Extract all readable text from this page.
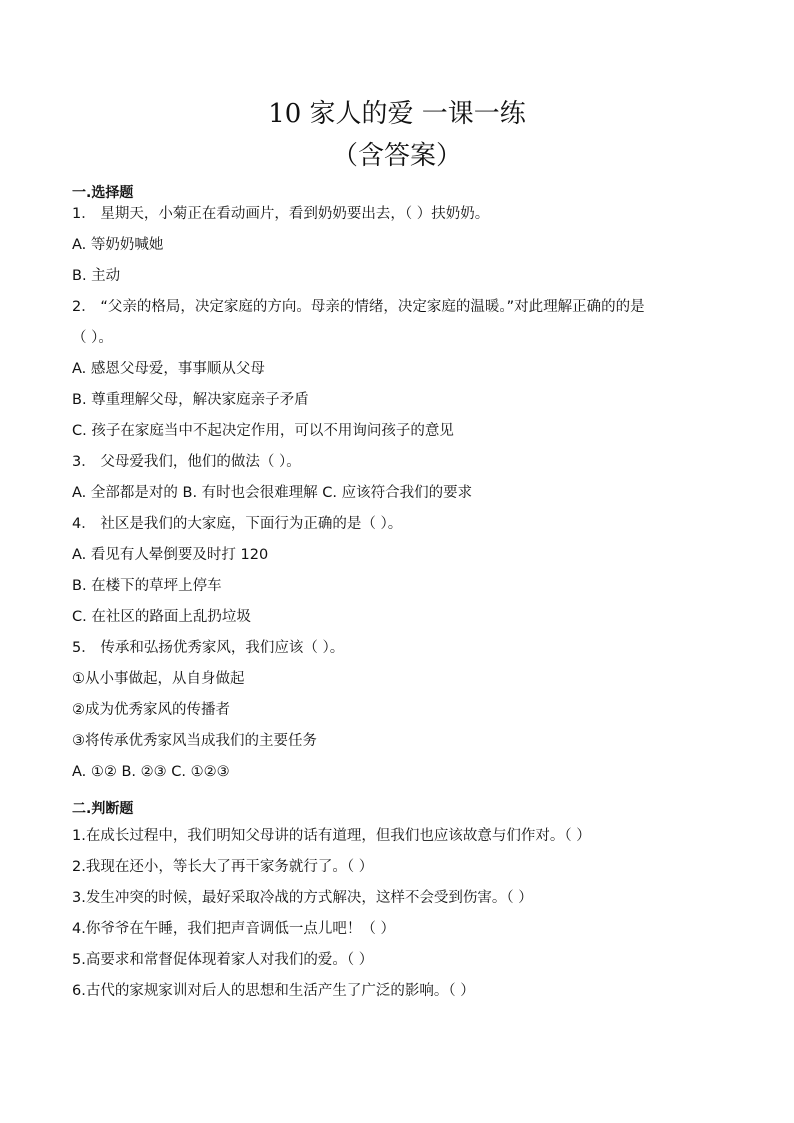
10 家人的爱 一课一练
（含答案）
一.选择题
1． 星期天，小菊正在看动画片，看到奶奶要出去，（ ）扶奶奶。
A. 等奶奶喊她
B. 主动
2． “父亲的格局，决定家庭的方向。母亲的情绪，决定家庭的温暖。”对此理解正确的的是
（ ）。
A. 感恩父母爱，事事顺从父母
B. 尊重理解父母，解决家庭亲子矛盾
C. 孩子在家庭当中不起决定作用，可以不用询问孩子的意见
3． 父母爱我们，他们的做法（ ）。
A. 全部都是对的 B. 有时也会很难理解 C. 应该符合我们的要求
4． 社区是我们的大家庭，下面行为正确的是（ ）。
A. 看见有人晕倒要及时打 120
B. 在楼下的草坪上停车
C. 在社区的路面上乱扔垃圾
5． 传承和弘扬优秀家风，我们应该（ ）。
①从小事做起，从自身做起
②成为优秀家风的传播者
③将传承优秀家风当成我们的主要任务
A. ①② B. ②③ C. ①②③
二.判断题
1.在成长过程中，我们明知父母讲的话有道理，但我们也应该故意与们作对。（ ）
2.我现在还小，等长大了再干家务就行了。（ ）
3.发生冲突的时候，最好采取冷战的方式解决，这样不会受到伤害。（ ）
4.你爷爷在午睡，我们把声音调低一点儿吧！（ ）
5.高要求和常督促体现着家人对我们的爱。（ ）
6.古代的家规家训对后人的思想和生活产生了广泛的影响。（ ）
